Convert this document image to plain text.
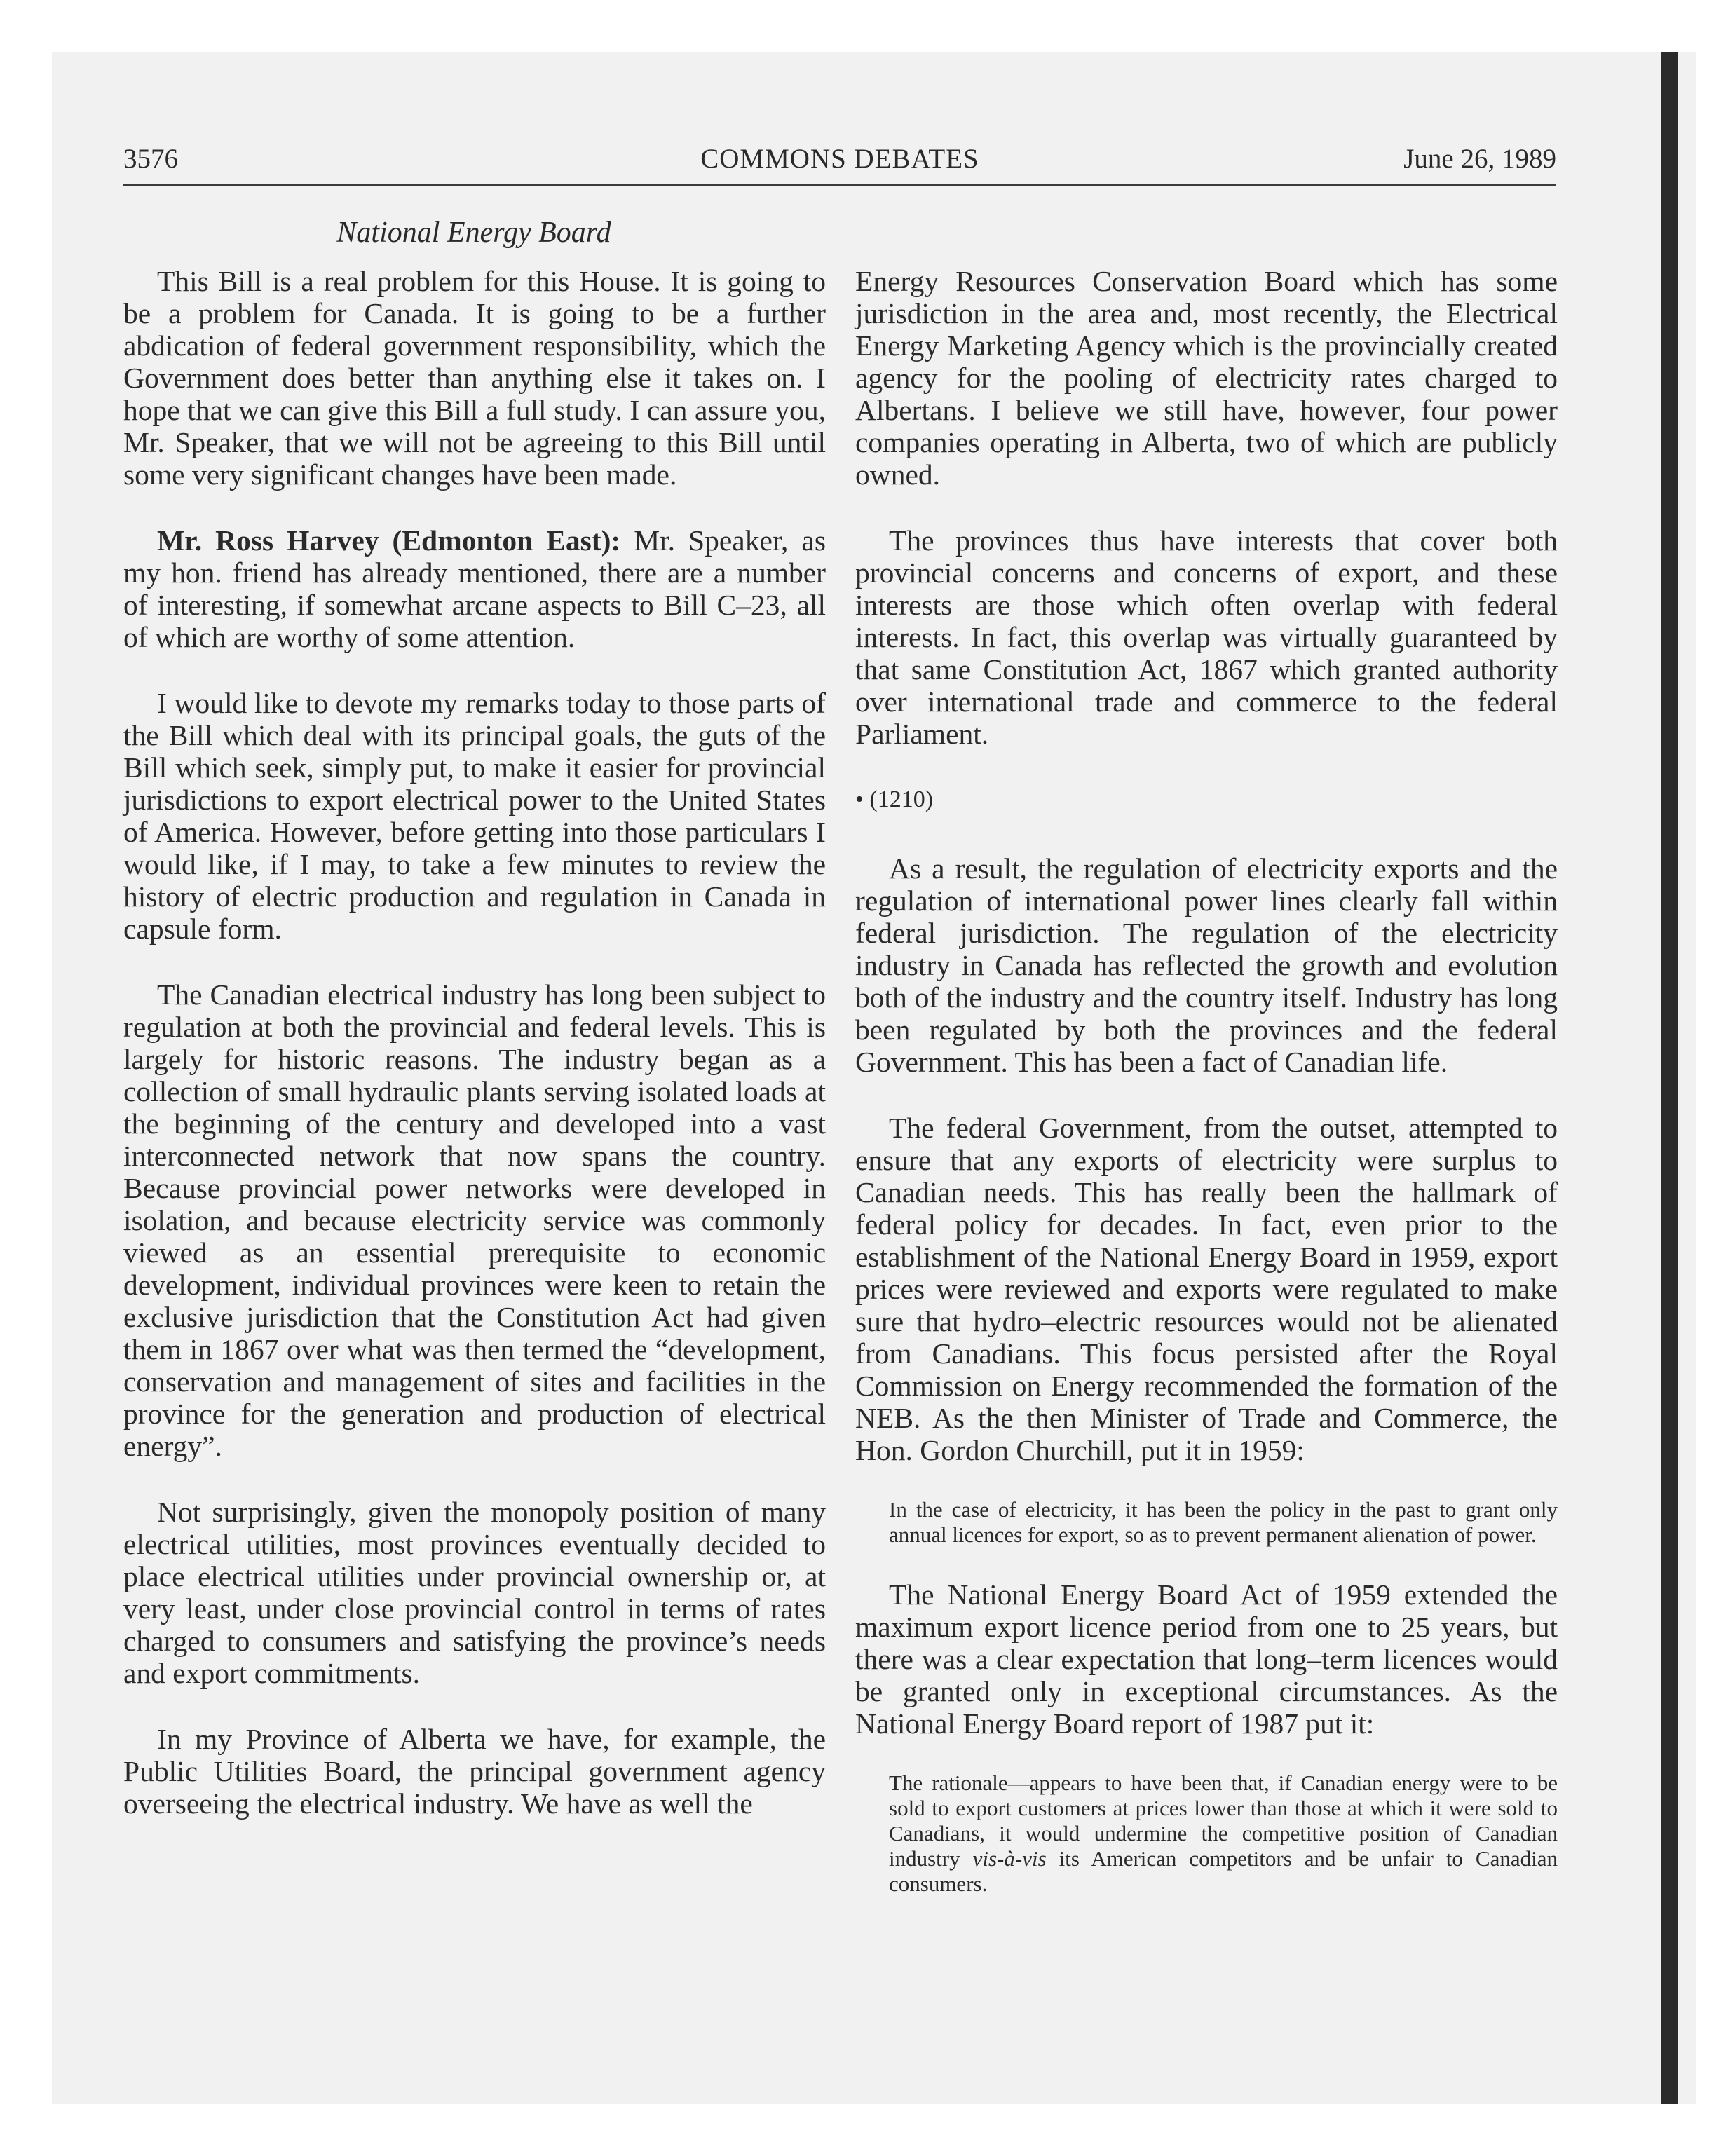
3576	COMMONS DEBATES	June 26, 1989
National Energy Board

This Bill is a real problem for this House. It is going to be a problem for Canada. It is going to be a further abdication of federal government responsibility, which the Government does better than anything else it takes on. I hope that we can give this Bill a full study. I can assure you, Mr. Speaker, that we will not be agreeing to this Bill until some very significant changes have been made.

Mr. Ross Harvey (Edmonton East): Mr. Speaker, as my hon. friend has already mentioned, there are a number of interesting, if somewhat arcane aspects to Bill C–23, all of which are worthy of some attention.

I would like to devote my remarks today to those parts of the Bill which deal with its principal goals, the guts of the Bill which seek, simply put, to make it easier for provincial jurisdictions to export electrical power to the United States of America. However, before getting into those particulars I would like, if I may, to take a few minutes to review the history of electric production and regulation in Canada in capsule form.

The Canadian electrical industry has long been subject to regulation at both the provincial and federal levels. This is largely for historic reasons. The industry began as a collection of small hydraulic plants serving isolated loads at the beginning of the century and developed into a vast interconnected network that now spans the country. Because provincial power networks were developed in isolation, and because electricity service was commonly viewed as an essential prerequisite to economic development, individual provinces were keen to retain the exclusive jurisdiction that the Constitution Act had given them in 1867 over what was then termed the “development, conservation and management of sites and facilities in the province for the generation and production of electrical energy”.

Not surprisingly, given the monopoly position of many electrical utilities, most provinces eventually decided to place electrical utilities under provincial ownership or, at very least, under close provincial control in terms of rates charged to consumers and satisfying the province’s needs and export commitments.

In my Province of Alberta we have, for example, the Public Utilities Board, the principal government agency overseeing the electrical industry. We have as well the

Energy Resources Conservation Board which has some jurisdiction in the area and, most recently, the Electrical Energy Marketing Agency which is the provincially created agency for the pooling of electricity rates charged to Albertans. I believe we still have, however, four power companies operating in Alberta, two of which are publicly owned.

The provinces thus have interests that cover both provincial concerns and concerns of export, and these interests are those which often overlap with federal interests. In fact, this overlap was virtually guaranteed by that same Constitution Act, 1867 which granted authority over international trade and commerce to the federal Parliament.

• (1210)

As a result, the regulation of electricity exports and the regulation of international power lines clearly fall within federal jurisdiction. The regulation of the electricity industry in Canada has reflected the growth and evolution both of the industry and the country itself. Industry has long been regulated by both the provinces and the federal Government. This has been a fact of Canadian life.

The federal Government, from the outset, attempted to ensure that any exports of electricity were surplus to Canadian needs. This has really been the hallmark of federal policy for decades. In fact, even prior to the establishment of the National Energy Board in 1959, export prices were reviewed and exports were regulated to make sure that hydro–electric resources would not be alienated from Canadians. This focus persisted after the Royal Commission on Energy recommended the formation of the NEB. As the then Minister of Trade and Commerce, the Hon. Gordon Churchill, put it in 1959:

In the case of electricity, it has been the policy in the past to grant only annual licences for export, so as to prevent permanent alienation of power.

The National Energy Board Act of 1959 extended the maximum export licence period from one to 25 years, but there was a clear expectation that long–term licences would be granted only in exceptional circumstances. As the National Energy Board report of 1987 put it:

The rationale—appears to have been that, if Canadian energy were to be sold to export customers at prices lower than those at which it were sold to Canadians, it would undermine the competitive position of Canadian industry vis-à-vis its American competitors and be unfair to Canadian consumers.
